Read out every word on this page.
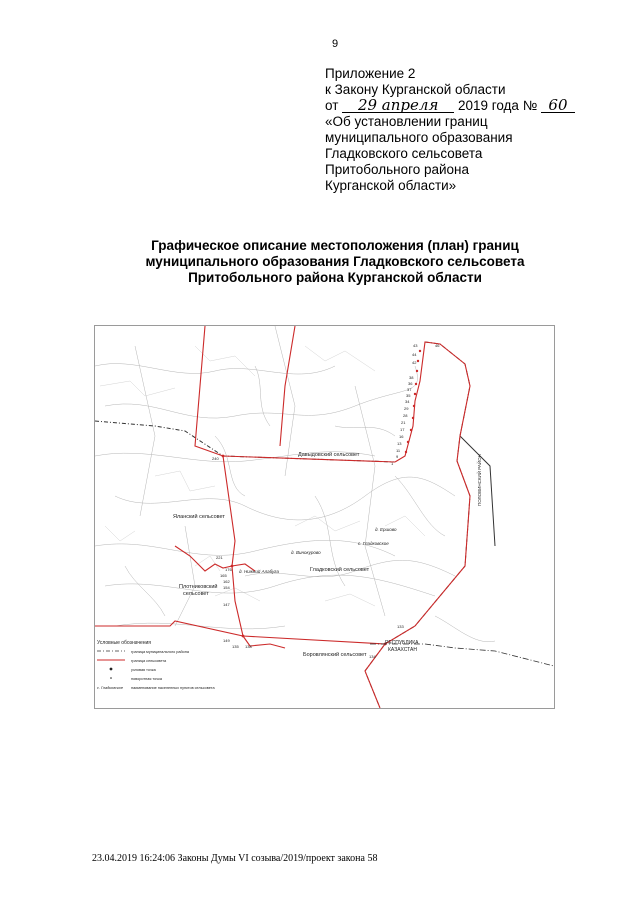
9
Приложение 2
к Закону Курганской области
от 29 апреля 2019 года № 60
«Об установлении границ
муниципального образования
Гладковского сельсовета
Притобольного района
Курганской области»
Графическое описание местоположения (план) границ
муниципального образования Гладковского сельсовета
Притобольного района Курганской области
46
43
44
42
38
36
37
35
34
29
28
21
17
16
13
11
9
1
240
221
176
165
162
154
147
149
135 138
133
134
Давыдовский сельсовет
Яланский сельсовет
Гладковский сельсовет
Плотниковский
сельсовет
Боровлянский сельсовет
д. Ершово
с. Гладковское
д. Винокурово
д. Нижний Алабуга
РЕСПУБЛИКА
КАЗАХСТАН
ПОЛОВИНСКИЙ РАЙОН
Условные обозначения
граница муниципального района
граница сельсовета
узловая точка
поворотная точка
с. Гладковское наименование населенных пунктов сельсовета
23.04.2019 16:24:06 Законы Думы VI созыва/2019/проект закона 58
